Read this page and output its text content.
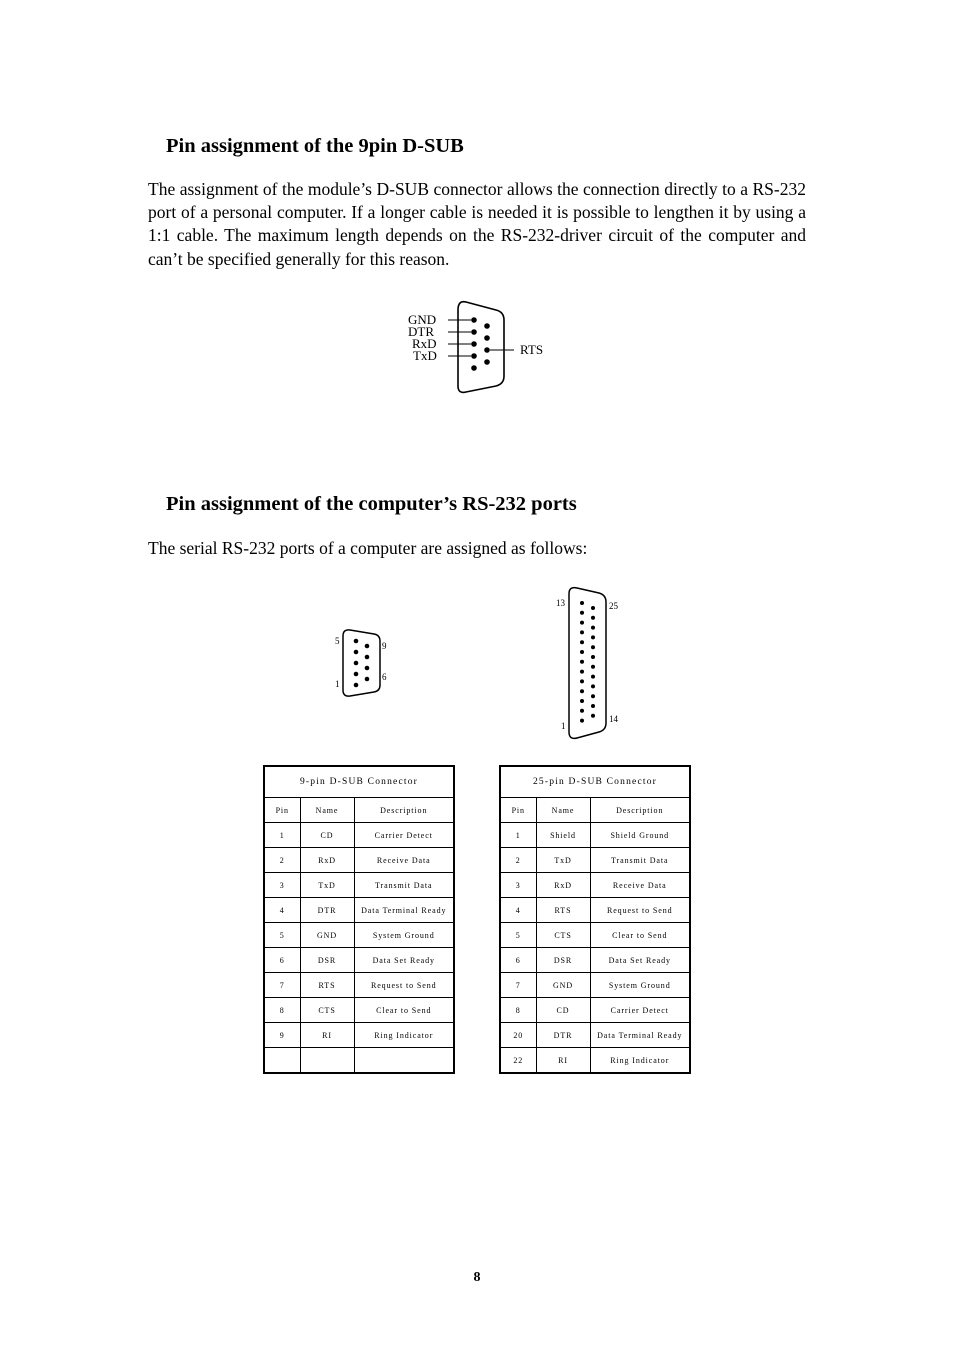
Pin assignment of the 9pin D-SUB

The assignment of the module’s D-SUB connector allows the connection directly to a RS-232 port of a personal computer. If a longer cable is needed it is possible to lengthen it by using a 1:1 cable. The maximum length depends on the RS-232-driver circuit of the computer and can’t be specified generally for this reason.

GND
DTR
RxD
TxD	RTS
Pin assignment of the computer’s RS-232 ports

The serial RS-232 ports of a computer are assigned as follows:

5	9
1
6
13	25
1
14
9-pin D-SUB Connector		
Pin	Name	Description
1	CD	Carrier Detect
2	RxD	Receive Data
3	TxD	Transmit Data
4	DTR	Data Terminal Ready
5	GND	System Ground
6	DSR	Data Set Ready
7	RTS	Request to Send
8	CTS	Clear to Send
9	RI	Ring Indicator

25-pin D-SUB Connector		
Pin	Name	Description
1	Shield	Shield Ground
2	TxD	Transmit Data
3	RxD	Receive Data
4	RTS	Request to Send
5	CTS	Clear to Send
6	DSR	Data Set Ready
7	GND	System Ground
8	CD	Carrier Detect
20	DTR	Data Terminal Ready
22	RI	Ring Indicator
8
